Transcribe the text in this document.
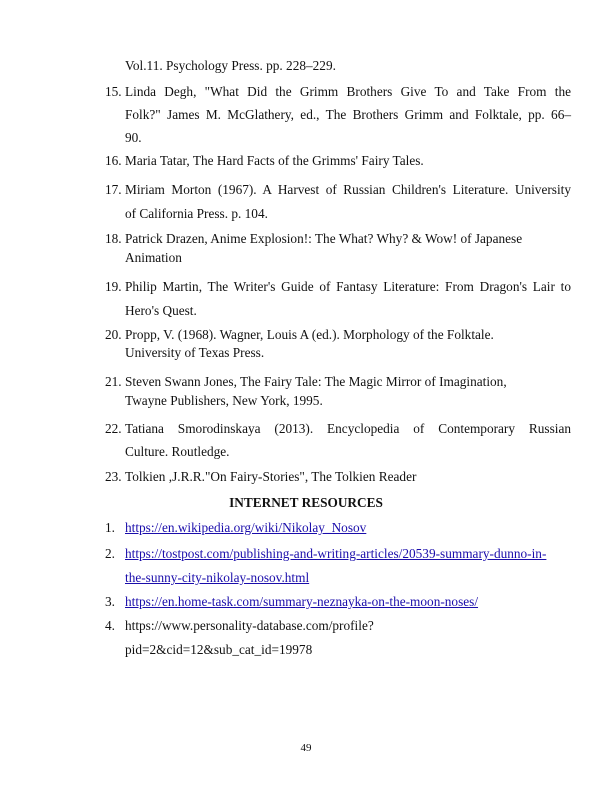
Vol.11. Psychology Press. pp. 228–229.
15. Linda Degh, "What Did the Grimm Brothers Give To and Take From the
Folk?" James M. McGlathery, ed., The Brothers Grimm and Folktale, pp. 66–
90.
16. Maria Tatar, The Hard Facts of the Grimms' Fairy Tales.
17. Miriam Morton (1967). A Harvest of Russian Children's Literature. University
of California Press. p. 104.
18. Patrick Drazen, Anime Explosion!: The What? Why? & Wow! of Japanese
Animation
19. Philip Martin, The Writer's Guide of Fantasy Literature: From Dragon's Lair to
Hero's Quest.
20. Propp, V. (1968). Wagner, Louis A (ed.). Morphology of the Folktale.
University of Texas Press.
21. Steven Swann Jones, The Fairy Tale: The Magic Mirror of Imagination,
Twayne Publishers, New York, 1995.
22. Tatiana Smorodinskaya (2013). Encyclopedia of Contemporary Russian
Culture. Routledge.
23. Tolkien ,J.R.R."On Fairy-Stories", The Tolkien Reader
INTERNET RESOURCES
1. https://en.wikipedia.org/wiki/Nikolay_Nosov
2. https://tostpost.com/publishing-and-writing-articles/20539-summary-dunno-in-
the-sunny-city-nikolay-nosov.html
3. https://en.home-task.com/summary-neznayka-on-the-moon-noses/
4. https://www.personality-database.com/profile?
pid=2&cid=12&sub_cat_id=19978
49
